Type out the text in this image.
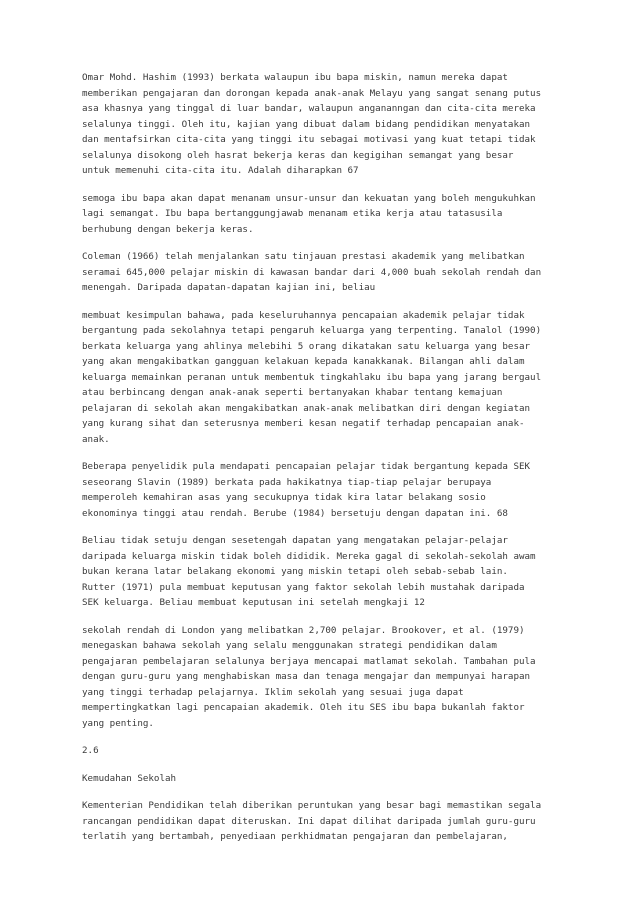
Omar Mohd. Hashim (1993) berkata walaupun ibu bapa miskin, namun mereka dapat
memberikan pengajaran dan dorongan kepada anak-anak Melayu yang sangat senang putus
asa khasnya yang tinggal di luar bandar, walaupun angananngan dan cita-cita mereka
selalunya tinggi. Oleh itu, kajian yang dibuat dalam bidang pendidikan menyatakan
dan mentafsirkan cita-cita yang tinggi itu sebagai motivasi yang kuat tetapi tidak
selalunya disokong oleh hasrat bekerja keras dan kegigihan semangat yang besar
untuk memenuhi cita-cita itu. Adalah diharapkan 67
semoga ibu bapa akan dapat menanam unsur-unsur dan kekuatan yang boleh mengukuhkan
lagi semangat. Ibu bapa bertanggungjawab menanam etika kerja atau tatasusila
berhubung dengan bekerja keras.
Coleman (1966) telah menjalankan satu tinjauan prestasi akademik yang melibatkan
seramai 645,000 pelajar miskin di kawasan bandar dari 4,000 buah sekolah rendah dan
menengah. Daripada dapatan-dapatan kajian ini, beliau
membuat kesimpulan bahawa, pada keseluruhannya pencapaian akademik pelajar tidak
bergantung pada sekolahnya tetapi pengaruh keluarga yang terpenting. Tanalol (1990)
berkata keluarga yang ahlinya melebihi 5 orang dikatakan satu keluarga yang besar
yang akan mengakibatkan gangguan kelakuan kepada kanakkanak. Bilangan ahli dalam
keluarga memainkan peranan untuk membentuk tingkahlaku ibu bapa yang jarang bergaul
atau berbincang dengan anak-anak seperti bertanyakan khabar tentang kemajuan
pelajaran di sekolah akan mengakibatkan anak-anak melibatkan diri dengan kegiatan
yang kurang sihat dan seterusnya memberi kesan negatif terhadap pencapaian anak-
anak.
Beberapa penyelidik pula mendapati pencapaian pelajar tidak bergantung kepada SEK
seseorang Slavin (1989) berkata pada hakikatnya tiap-tiap pelajar berupaya
memperoleh kemahiran asas yang secukupnya tidak kira latar belakang sosio
ekonominya tinggi atau rendah. Berube (1984) bersetuju dengan dapatan ini. 68
Beliau tidak setuju dengan sesetengah dapatan yang mengatakan pelajar-pelajar
daripada keluarga miskin tidak boleh dididik. Mereka gagal di sekolah-sekolah awam
bukan kerana latar belakang ekonomi yang miskin tetapi oleh sebab-sebab lain.
Rutter (1971) pula membuat keputusan yang faktor sekolah lebih mustahak daripada
SEK keluarga. Beliau membuat keputusan ini setelah mengkaji 12
sekolah rendah di London yang melibatkan 2,700 pelajar. Brookover, et al. (1979)
menegaskan bahawa sekolah yang selalu menggunakan strategi pendidikan dalam
pengajaran pembelajaran selalunya berjaya mencapai matlamat sekolah. Tambahan pula
dengan guru-guru yang menghabiskan masa dan tenaga mengajar dan mempunyai harapan
yang tinggi terhadap pelajarnya. Iklim sekolah yang sesuai juga dapat
mempertingkatkan lagi pencapaian akademik. Oleh itu SES ibu bapa bukanlah faktor
yang penting.
2.6
Kemudahan Sekolah
Kementerian Pendidikan telah diberikan peruntukan yang besar bagi memastikan segala
rancangan pendidikan dapat diteruskan. Ini dapat dilihat daripada jumlah guru-guru
terlatih yang bertambah, penyediaan perkhidmatan pengajaran dan pembelajaran,
